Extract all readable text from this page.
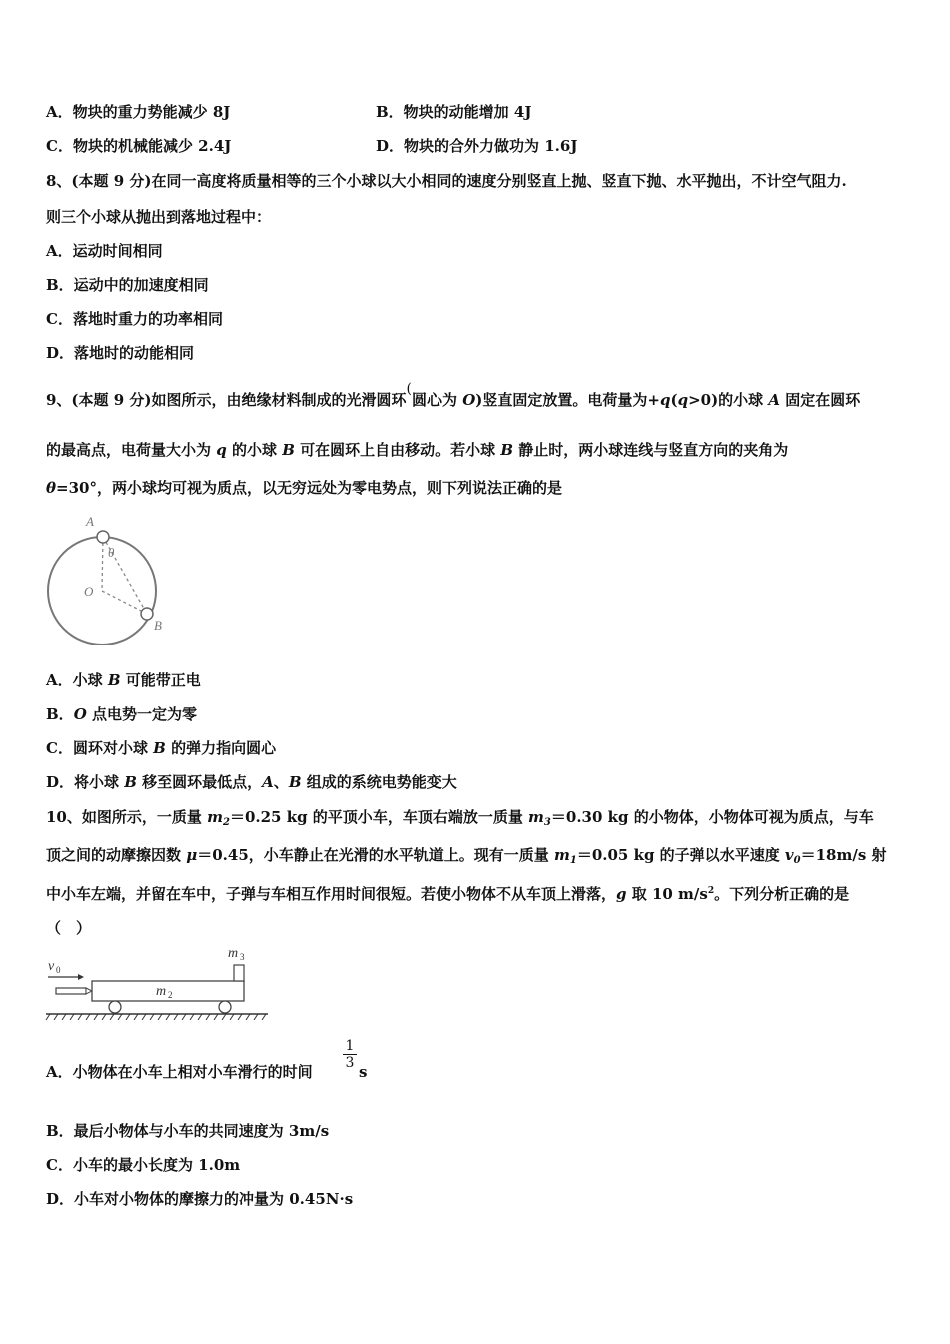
A．物块的重力势能减少 8J	B．物块的动能增加 4J
C．物块的机械能减少 2.4J	D．物块的合外力做功为 1.6J
8、(本题 9 分)在同一高度将质量相等的三个小球以大小相同的速度分别竖直上抛、竖直下抛、水平抛出，不计空气阻力.
则三个小球从抛出到落地过程中：
A．运动时间相同
B．运动中的加速度相同
C．落地时重力的功率相同
D．落地时的动能相同
9、(本题 9 分)如图所示，由绝缘材料制成的光滑圆环(圆心为 O)竖直固定放置。电荷量为+q(q>0)的小球 A 固定在圆环
的最高点，电荷量大小为 q 的小球 B 可在圆环上自由移动。若小球 B 静止时，两小球连线与竖直方向的夹角为
θ=30°，两小球均可视为质点，以无穷远处为零电势点，则下列说法正确的是
A
θ
O
B
A．小球 B 可能带正电
B．O 点电势一定为零
C．圆环对小球 B 的弹力指向圆心
D．将小球 B 移至圆环最低点，A、B 组成的系统电势能变大
10、如图所示，一质量 $m_2=0.25$ kg 的平顶小车，车顶右端放一质量 $m_3=0.30$ kg 的小物体，小物体可视为质点，与车
顶之间的动摩擦因数 μ＝0.45，小车静止在光滑的水平轨道上。现有一质量 $m_1=0.05$ kg 的子弹以水平速度 $v_0=18m/s$ 射
中小车左端，并留在车中，子弹与车相互作用时间很短。若使小物体不从车顶上滑落，g 取 10 $m/s^2$。下列分析正确的是
（　）
v 0
m 2
m 3
A．小物体在小车上相对小车滑行的时间
$\frac{1}{3}$
s
B．最后小物体与小车的共同速度为 3m/s
C．小车的最小长度为 1.0m
D．小车对小物体的摩擦力的冲量为 0.45N·s
